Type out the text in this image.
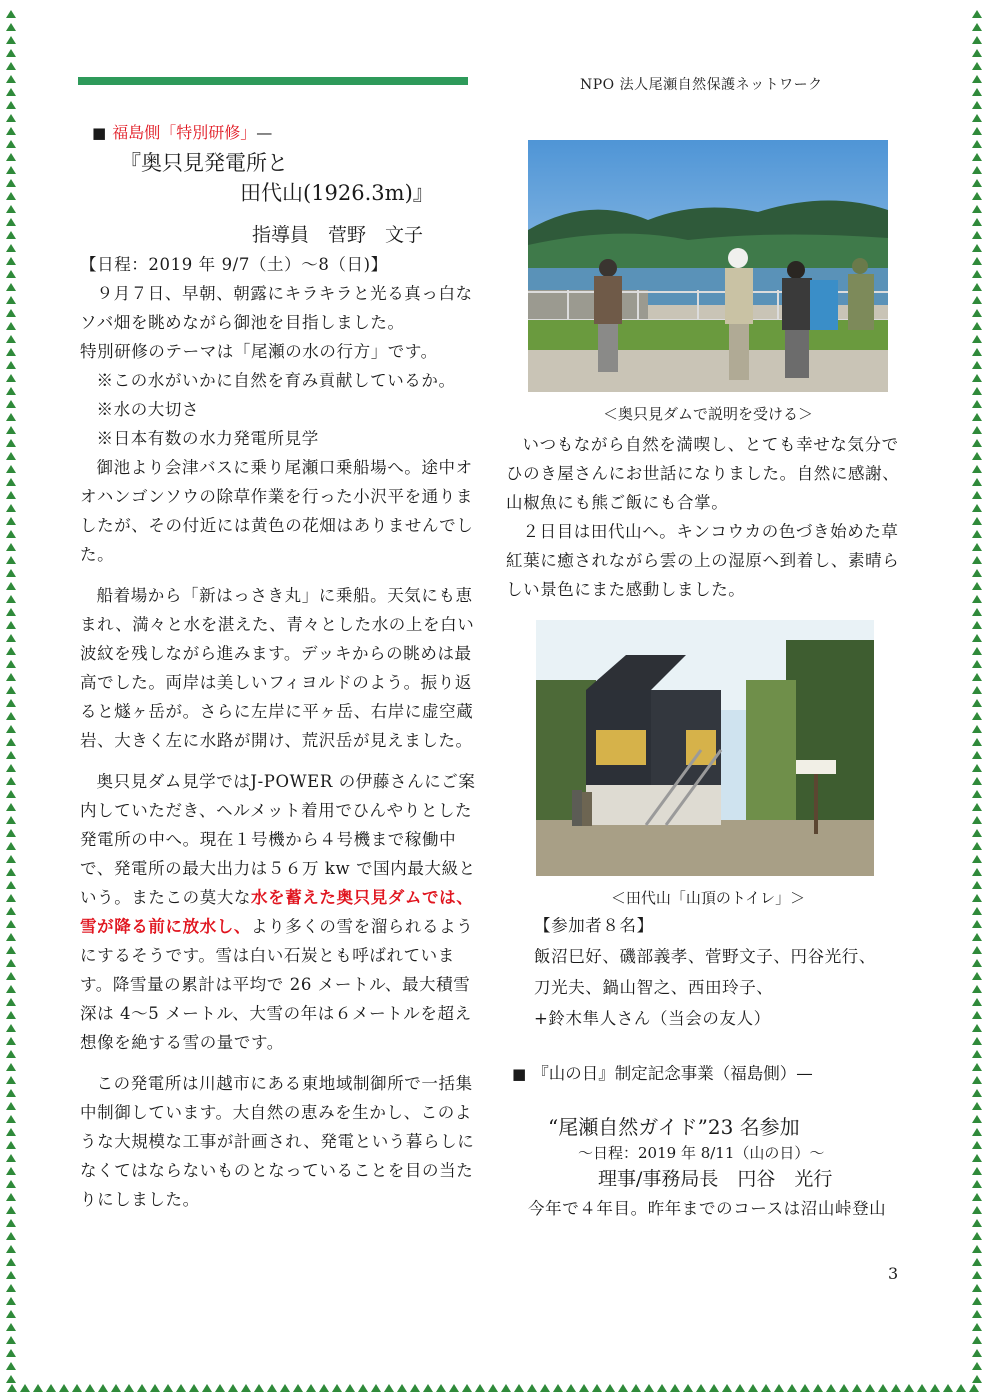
NPO 法人尾瀬自然保護ネットワーク
■ 福島側「特別研修」—
『奥只見発電所と
田代山(1926.3m)』
指導員　菅野　文子

【日程：2019 年 9/7（土）～8（日)】

９月７日、早朝、朝露にキラキラと光る真っ白なソバ畑を眺めながら御池を目指しました。

特別研修のテーマは「尾瀬の水の行方」です。

※この水がいかに自然を育み貢献しているか。

※水の大切さ

※日本有数の水力発電所見学

御池より会津バスに乗り尾瀬口乗船場へ。途中オオハンゴンソウの除草作業を行った小沢平を通りましたが、その付近には黄色の花畑はありませんでした。

船着場から「新はっさき丸」に乗船。天気にも恵まれ、満々と水を湛えた、青々とした水の上を白い波紋を残しながら進みます。デッキからの眺めは最高でした。両岸は美しいフィヨルドのよう。振り返ると燧ヶ岳が。さらに左岸に平ヶ岳、右岸に虚空蔵岩、大きく左に水路が開け、荒沢岳が見えました。

奥只見ダム見学ではJ-POWER の伊藤さんにご案内していただき、ヘルメット着用でひんやりとした発電所の中へ。現在１号機から４号機まで稼働中で、発電所の最大出力は５６万 kw で国内最大級という。またこの莫大な水を蓄えた奥只見ダムでは、雪が降る前に放水し、より多くの雪を溜られるようにするそうです。雪は白い石炭とも呼ばれています。降雪量の累計は平均で 26 メートル、最大積雪深は 4～5 メートル、大雪の年は６メートルを超え想像を絶する雪の量です。

この発電所は川越市にある東地域制御所で一括集中制御しています。大自然の恵みを生かし、このような大規模な工事が計画され、発電という暮らしになくてはならないものとなっていることを目の当たりにしました。

＜奥只見ダムで説明を受ける＞

いつもながら自然を満喫し、とても幸せな気分でひのき屋さんにお世話になりました。自然に感謝、山椒魚にも熊ご飯にも合掌。

２日目は田代山へ。キンコウカの色づき始めた草紅葉に癒されながら雲の上の湿原へ到着し、素晴らしい景色にまた感動しました。

＜田代山「山頂のトイレ」＞

【参加者８名】

飯沼巳好、磯部義孝、菅野文子、円谷光行、

刀光夫、鍋山智之、西田玲子、

+鈴木隼人さん（当会の友人）

■ 『山の日』制定記念事業（福島側）—
“尾瀬自然ガイド”23 名参加
～日程：2019 年 8/11（山の日）～
理事/事務局長　円谷　光行
今年で４年目。昨年までのコースは沼山峠登山
3
